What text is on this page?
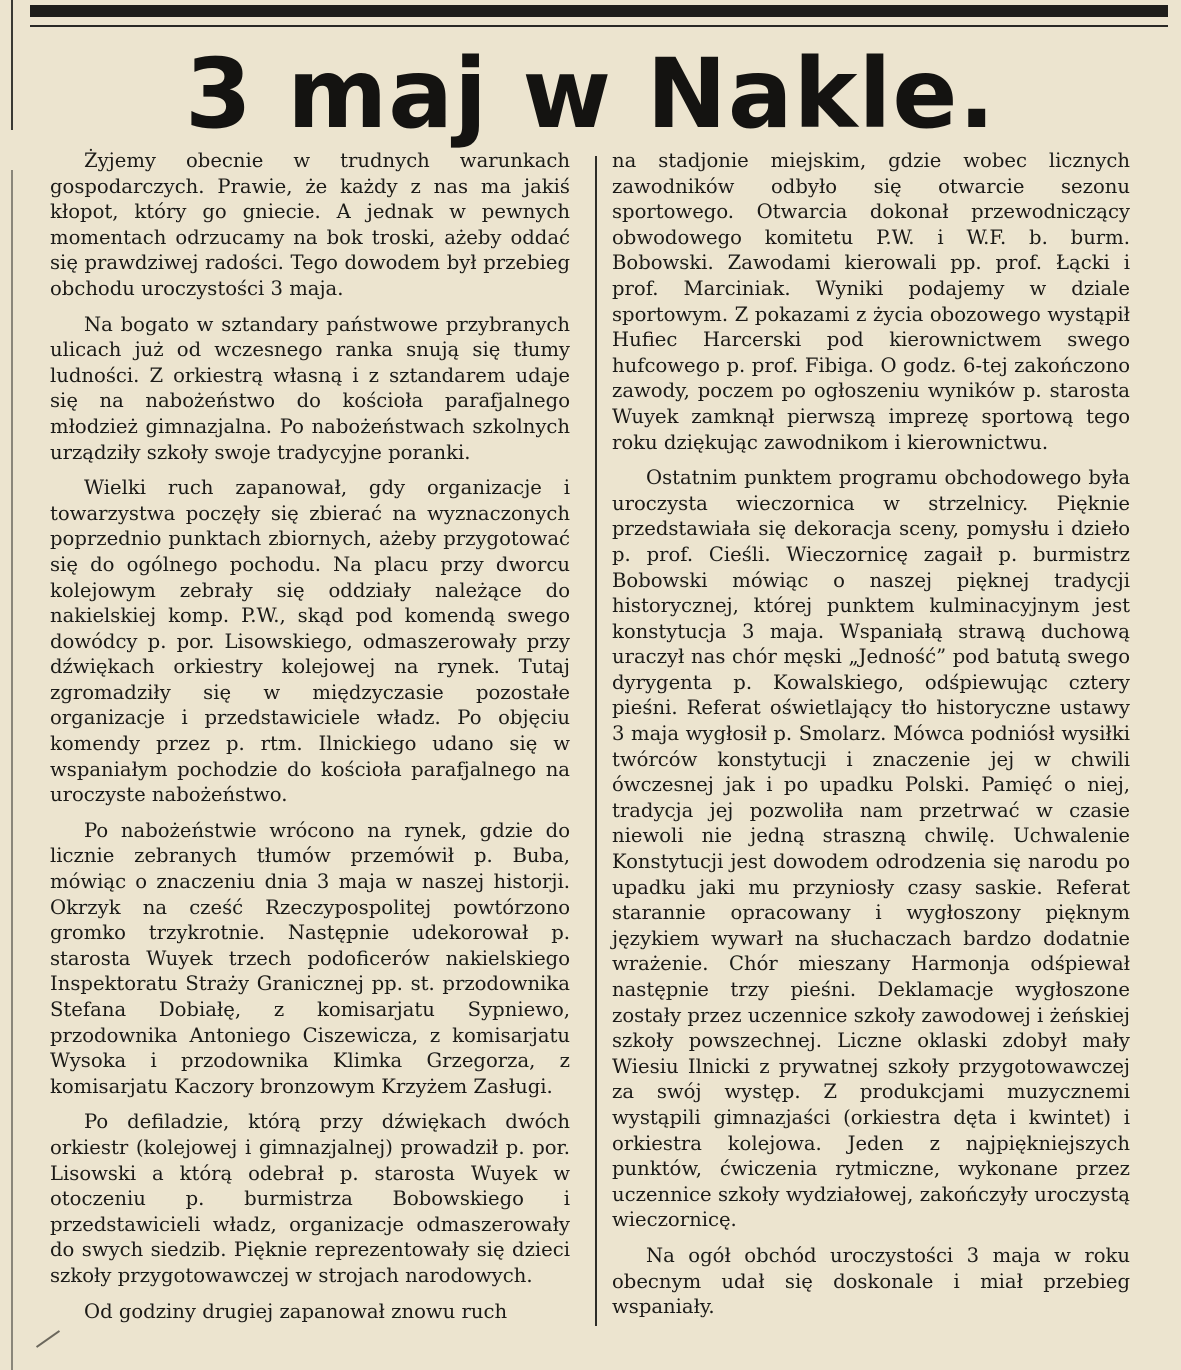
3 maj w Nakle.

Żyjemy obecnie w trudnych warunkach gospodarczych. Prawie, że każdy z nas ma jakiś kłopot, który go gniecie. A jednak w pewnych momentach odrzucamy na bok troski, ażeby oddać się prawdziwej radości. Tego dowodem był przebieg obchodu uroczystości 3 maja.

Na bogato w sztandary państwowe przybranych ulicach już od wczesnego ranka snują się tłumy ludności. Z orkiestrą własną i z sztandarem udaje się na nabożeństwo do kościoła parafjalnego młodzież gimnazjalna. Po nabożeństwach szkolnych urządziły szkoły swoje tradycyjne poranki.

Wielki ruch zapanował, gdy organizacje i towarzystwa poczęły się zbierać na wyznaczonych poprzednio punktach zbiornych, ażeby przygotować się do ogólnego pochodu. Na placu przy dworcu kolejowym zebrały się oddziały należące do nakielskiej komp. P.W., skąd pod komendą swego dowódcy p. por. Lisowskiego, odmaszerowały przy dźwiękach orkiestry kolejowej na rynek. Tutaj zgromadziły się w międzyczasie pozostałe organizacje i przedstawiciele władz. Po objęciu komendy przez p. rtm. Ilnickiego udano się w wspaniałym pochodzie do kościoła parafjalnego na uroczyste nabożeństwo.

Po nabożeństwie wrócono na rynek, gdzie do licznie zebranych tłumów przemówił p. Buba, mówiąc o znaczeniu dnia 3 maja w naszej historji. Okrzyk na cześć Rzeczypospolitej powtórzono gromko trzykrotnie. Następnie udekorował p. starosta Wuyek trzech podoficerów nakielskiego Inspektoratu Straży Granicznej pp. st. przodownika Stefana Dobiałę, z komisarjatu Sypniewo, przodownika Antoniego Ciszewicza, z komisarjatu Wysoka i przodownika Klimka Grzegorza, z komisarjatu Kaczory bronzowym Krzyżem Zasługi.

Po defiladzie, którą przy dźwiękach dwóch orkiestr (kolejowej i gimnazjalnej) prowadził p. por. Lisowski a którą odebrał p. starosta Wuyek w otoczeniu p. burmistrza Bobowskiego i przedstawicieli władz, organizacje odmaszerowały do swych siedzib. Pięknie reprezentowały się dzieci szkoły przygotowawczej w strojach narodowych.

Od godziny drugiej zapanował znowu ruch

na stadjonie miejskim, gdzie wobec licznych zawodników odbyło się otwarcie sezonu sportowego. Otwarcia dokonał przewodniczący obwodowego komitetu P.W. i W.F. b. burm. Bobowski. Zawodami kierowali pp. prof. Łącki i prof. Marciniak. Wyniki podajemy w dziale sportowym. Z pokazami z życia obozowego wystąpił Hufiec Harcerski pod kierownictwem swego hufcowego p. prof. Fibiga. O godz. 6-tej zakończono zawody, poczem po ogłoszeniu wyników p. starosta Wuyek zamknął pierwszą imprezę sportową tego roku dziękując zawodnikom i kierownictwu.

Ostatnim punktem programu obchodowego była uroczysta wieczornica w strzelnicy. Pięknie przedstawiała się dekoracja sceny, pomysłu i dzieło p. prof. Cieśli. Wieczornicę zagaił p. burmistrz Bobowski mówiąc o naszej pięknej tradycji historycznej, której punktem kulminacyjnym jest konstytucja 3 maja. Wspaniałą strawą duchową uraczył nas chór męski „Jedność” pod batutą swego dyrygenta p. Kowalskiego, odśpiewując cztery pieśni. Referat oświetlający tło historyczne ustawy 3 maja wygłosił p. Smolarz. Mówca podniósł wysiłki twórców konstytucji i znaczenie jej w chwili ówczesnej jak i po upadku Polski. Pamięć o niej, tradycja jej pozwoliła nam przetrwać w czasie niewoli nie jedną straszną chwilę. Uchwalenie Konstytucji jest dowodem odrodzenia się narodu po upadku jaki mu przyniosły czasy saskie. Referat starannie opracowany i wygłoszony pięknym językiem wywarł na słuchaczach bardzo dodatnie wrażenie. Chór mieszany Harmonja odśpiewał następnie trzy pieśni. Deklamacje wygłoszone zostały przez uczennice szkoły zawodowej i żeńskiej szkoły powszechnej. Liczne oklaski zdobył mały Wiesiu Ilnicki z prywatnej szkoły przygotowawczej za swój występ. Z produkcjami muzycznemi wystąpili gimnazjaści (orkiestra dęta i kwintet) i orkiestra kolejowa. Jeden z najpiękniejszych punktów, ćwiczenia rytmiczne, wykonane przez uczennice szkoły wydziałowej, zakończyły uroczystą wieczornicę.

Na ogół obchód uroczystości 3 maja w roku obecnym udał się doskonale i miał przebieg wspaniały.
